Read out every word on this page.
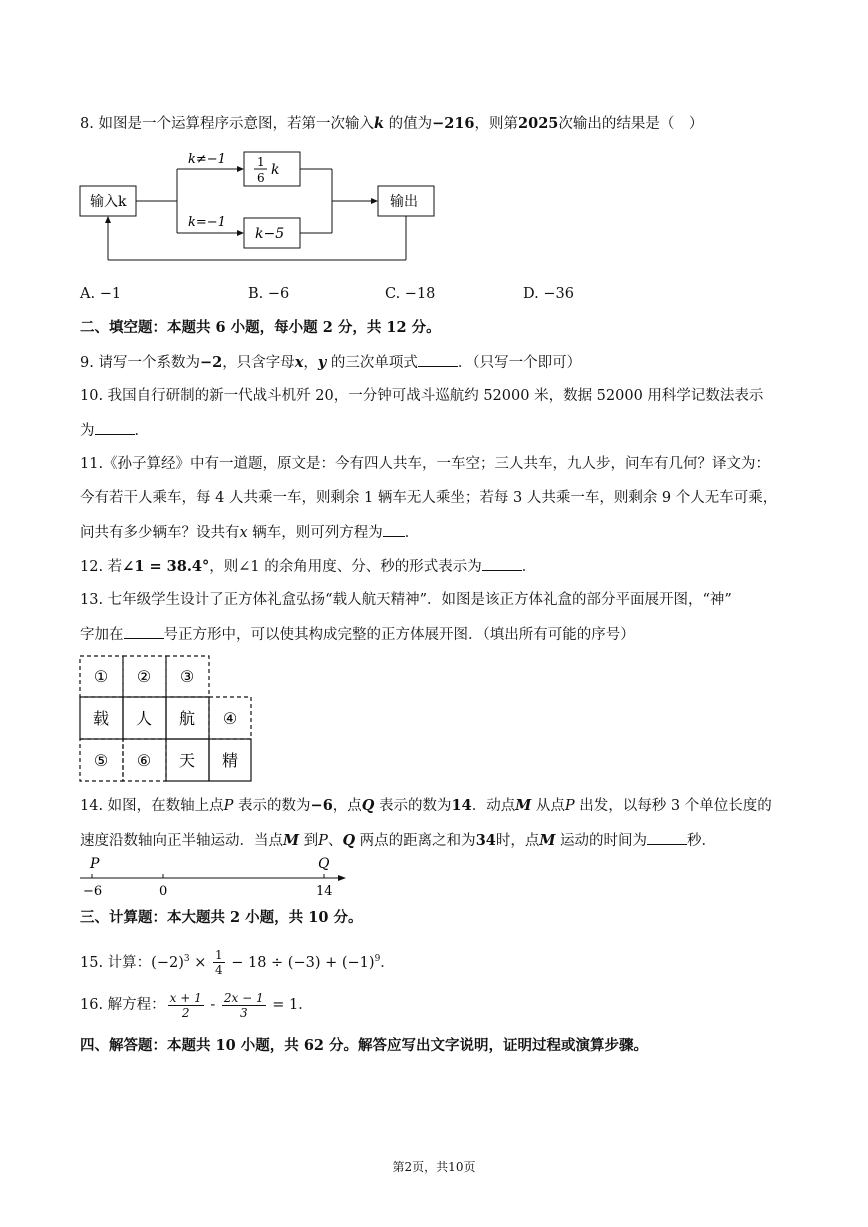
8. 如图是一个运算程序示意图，若第一次输入k 的值为−216，则第2025次输出的结果是（　）
输入k
k≠−1
k=−1
1
6 k
k−5
输出
A. −1	B. −6	C. −18	D. −36
二、填空题：本题共 6 小题，每小题 2 分，共 12 分。
9. 请写一个系数为−2，只含字母x，y 的三次单项式	．（只写一个即可）
10. 我国自行研制的新一代战斗机歼 20，一分钟可战斗巡航约 52000 米，数据 52000 用科学记数法表示
为	．
11.《孙子算经》中有一道题，原文是：今有四人共车，一车空；三人共车，九人步，问车有几何？译文为：
今有若干人乘车，每 4 人共乘一车，则剩余 1 辆车无人乘坐；若每 3 人共乘一车，则剩余 9 个人无车可乘，
问共有多少辆车？设共有x 辆车，则可列方程为 ．
12. 若∠1 = 38.4°，则∠1 的余角用度、分、秒的形式表示为	．
13. 七年级学生设计了正方体礼盒弘扬“载人航天精神”．如图是该正方体礼盒的部分平面展开图，“神”
字加在	号正方形中，可以使其构成完整的正方体展开图．（填出所有可能的序号）
① ② ③
载 人 航 ④
⑤ ⑥ 天 精
14. 如图，在数轴上点P 表示的数为−6，点Q 表示的数为14．动点M 从点P 出发，以每秒 3 个单位长度的
速度沿数轴向正半轴运动．当点M 到P、Q 两点的距离之和为34时，点M 运动的时间为	秒．
P	Q
−6	0	14
三、计算题：本大题共 2 小题，共 10 分。
15. 计算：$(-2)^3 \times \frac{1}{4} - 18 \div (-3) + (-1)^9$．
16. 解方程： $\frac{x + 1}{2} - \frac{2x - 1}{3} = 1$．
四、解答题：本题共 10 小题，共 62 分。解答应写出文字说明，证明过程或演算步骤。
第2页，共10页
